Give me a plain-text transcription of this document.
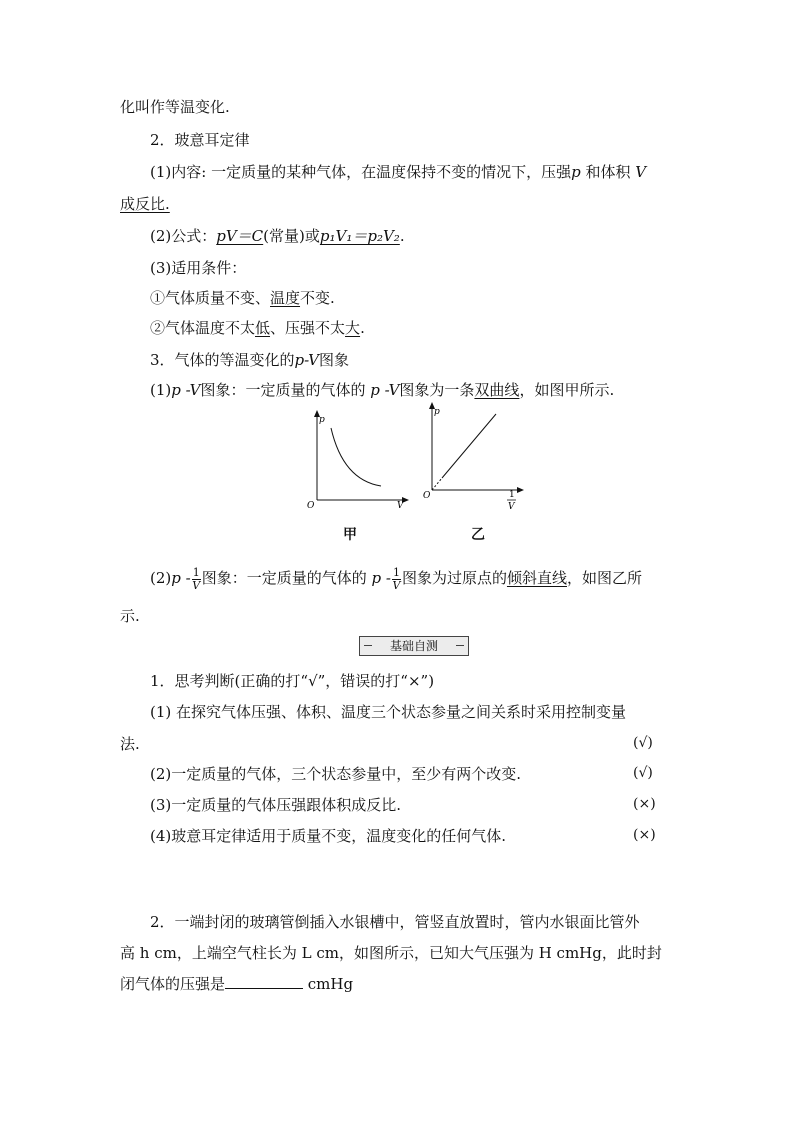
化叫作等温变化.
2．玻意耳定律
(1)内容: 一定质量的某种气体，在温度保持不变的情况下，压强p 和体积 V
成反比.
(2)公式：pV＝C(常量)或p₁V₁＝p₂V₂.
(3)适用条件：
①气体质量不变、温度不变.
②气体温度不太低、压强不太大.
3．气体的等温变化的p-V图象
(1)p -V图象：一定质量的气体的 p -V图象为一条双曲线，如图甲所示.
p
V
O
甲
p
O	1
V
乙
$(2)p - \frac{1}{V}$ 图象：一定质量的气体的 p - $\frac{1}{V}$ 图象为过原点的倾斜直线，如图乙所
示.
基础自测
1．思考判断(正确的打“√”，错误的打“×”)
(1) 在探究气体压强、体积、温度三个状态参量之间关系时采用控制变量
法.	(√)
(2)一定质量的气体，三个状态参量中，至少有两个改变.	(√)
(3)一定质量的气体压强跟体积成反比.	(×)
(4)玻意耳定律适用于质量不变，温度变化的任何气体.	(×)
2．一端封闭的玻璃管倒插入水银槽中，管竖直放置时，管内水银面比管外
高 h cm，上端空气柱长为 L cm，如图所示，已知大气压强为 H cmHg，此时封
闭气体的压强是	cmHg
